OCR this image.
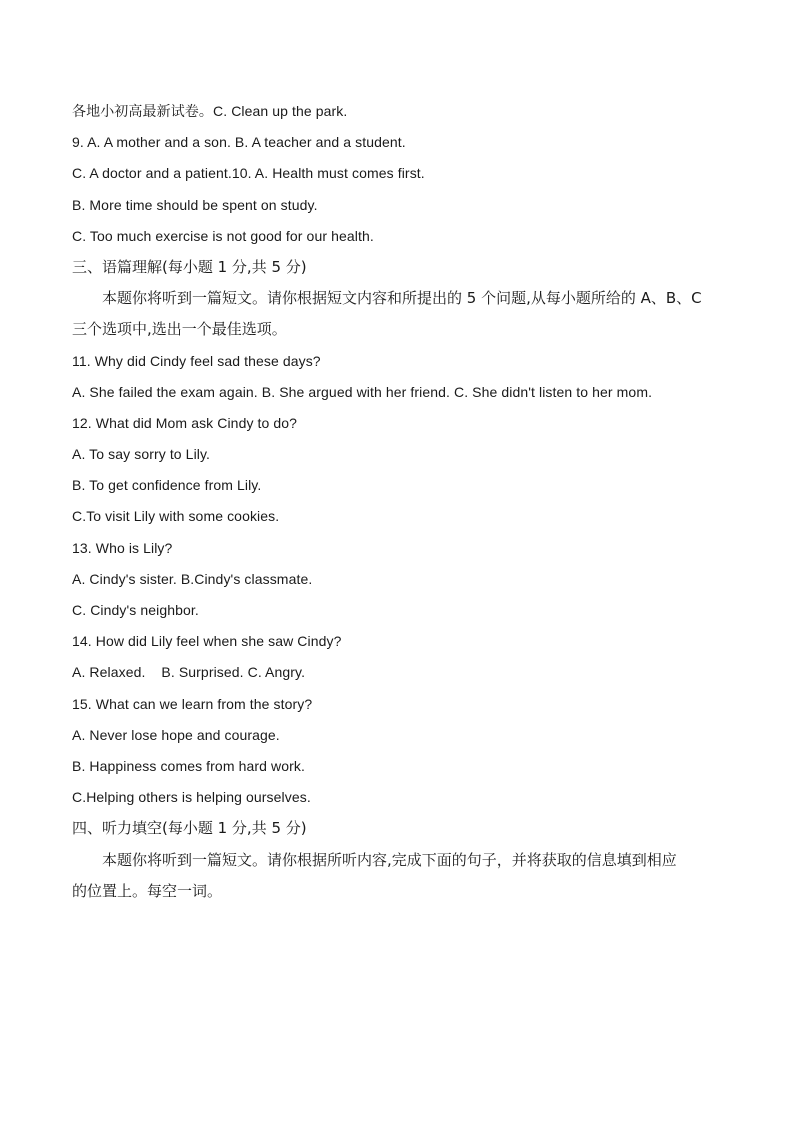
各地小初高最新试卷。C. Clean up the park.
9. A. A mother and a son. B. A teacher and a student.
C. A doctor and a patient.10. A. Health must comes first.
B. More time should be spent on study.
C. Too much exercise is not good for our health.
三、语篇理解(每小题 1 分,共 5 分)
本题你将听到一篇短文。请你根据短文内容和所提出的 5 个问题,从每小题所给的 A、B、C
三个选项中,选出一个最佳选项。
11. Why did Cindy feel sad these days?
A. She failed the exam again. B. She argued with her friend. C. She didn't listen to her mom.
12. What did Mom ask Cindy to do?
A. To say sorry to Lily.
B. To get confidence from Lily.
C.To visit Lily with some cookies.
13. Who is Lily?
A. Cindy's sister. B.Cindy's classmate.
C. Cindy's neighbor.
14. How did Lily feel when she saw Cindy?
A. Relaxed.    B. Surprised. C. Angry.
15. What can we learn from the story?
A. Never lose hope and courage.
B. Happiness comes from hard work.
C.Helping others is helping ourselves.
四、听力填空(每小题 1 分,共 5 分)
本题你将听到一篇短文。请你根据所听内容,完成下面的句子，并将获取的信息填到相应
的位置上。每空一词。
